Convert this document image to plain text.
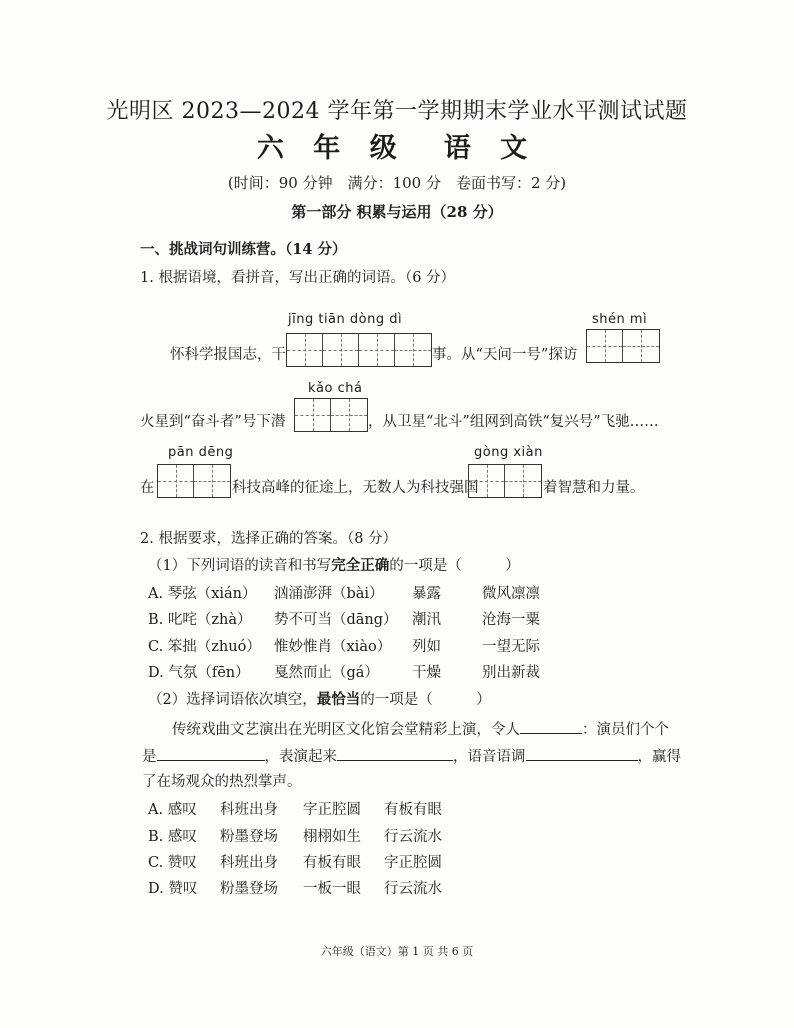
光明区 2023—2024 学年第一学期期末学业水平测试试题
六 年 级　语 文
(时间：90 分钟　满分：100 分　卷面书写：2 分)
第一部分 积累与运用（28 分）
一、挑战词句训练营。（14 分）
1. 根据语境，看拼音，写出正确的词语。（6 分）
jīng tiān dòng dì	shén mì
怀科学报国志，干	事。从“天问一号”探访
kǎo chá
火星到“奋斗者”号下潜	，从卫星“北斗”组网到高铁“复兴号”飞驰……
pān dēng	gòng xiàn
在	科技高峰的征途上，无数人为科技强国	着智慧和力量。
2. 根据要求，选择正确的答案。（8 分）
（1）下列词语的读音和书写完全正确的一项是（　　　）
A. 琴弦（xián） 汹涌澎湃（bài） 暴露	微风凛凛
B. 叱咤（zhà） 势不可当（dāng） 潮汛	沧海一粟
C. 笨拙（zhuó） 惟妙惟肖（xiào） 列如	一望无际
D. 气氛（fēn） 戛然而止（gá） 干燥	别出新裁
（2）选择词语依次填空，最恰当的一项是（　　　）
传统戏曲文艺演出在光明区文化馆会堂精彩上演，令人	：演员们个个
是	，表演起来	，语音语调	，赢得
了在场观众的热烈掌声。
A. 感叹 科班出身 字正腔圆 有板有眼
B. 感叹 粉墨登场 栩栩如生 行云流水
C. 赞叹 科班出身 有板有眼 字正腔圆
D. 赞叹 粉墨登场 一板一眼 行云流水
六年级（语文）第 1 页 共 6 页
